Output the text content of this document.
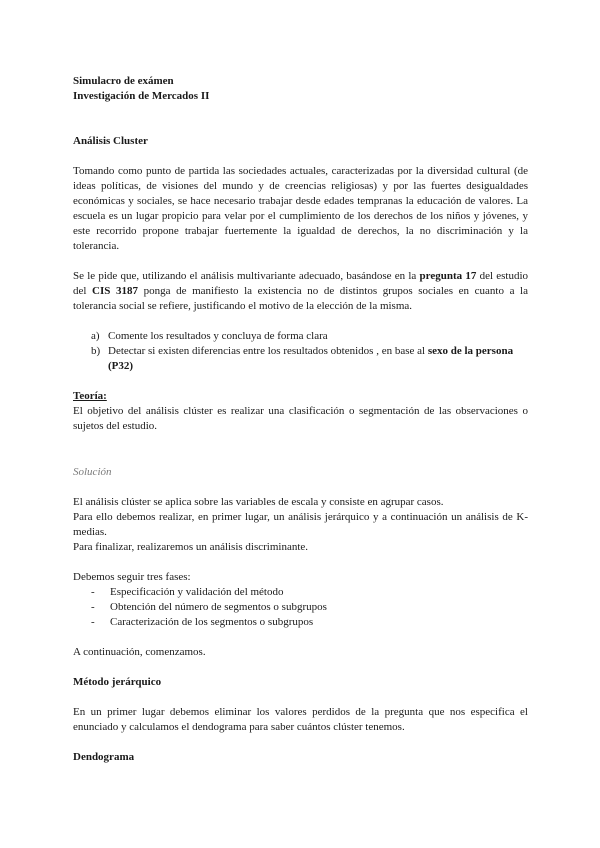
Simulacro de exámen

Investigación de Mercados II

Análisis Cluster

Tomando como punto de partida las sociedades actuales, caracterizadas por la diversidad cultural (de ideas políticas, de visiones del mundo y de creencias religiosas) y por las fuertes desigualdades económicas y sociales, se hace necesario trabajar desde edades tempranas la educación de valores. La escuela es un lugar propicio para velar por el cumplimiento de los derechos de los niños y jóvenes, y este recorrido propone trabajar fuertemente la igualdad de derechos, la no discriminación y la tolerancia.

Se le pide que, utilizando el análisis multivariante adecuado, basándose en la pregunta 17 del estudio del CIS 3187 ponga de manifiesto la existencia no de distintos grupos sociales en cuanto a la tolerancia social se refiere, justificando el motivo de la elección de la misma.

a) Comente los resultados y concluya de forma clara
b) Detectar si existen diferencias entre los resultados obtenidos , en base al sexo de la persona (P32)

Teoría:

El objetivo del análisis clúster es realizar una clasificación o segmentación de las observaciones o sujetos del estudio.

Solución

El análisis clúster se aplica sobre las variables de escala y consiste en agrupar casos.

Para ello debemos realizar, en primer lugar, un análisis jerárquico y a continuación un análisis de K-medias.

Para finalizar, realizaremos un análisis discriminante.

Debemos seguir tres fases:

- Especificación y validación del método
- Obtención del número de segmentos o subgrupos
- Caracterización de los segmentos o subgrupos

A continuación, comenzamos.

Método jerárquico

En un primer lugar debemos eliminar los valores perdidos de la pregunta que nos especifica el enunciado y calculamos el dendograma para saber cuántos clúster tenemos.

Dendograma
